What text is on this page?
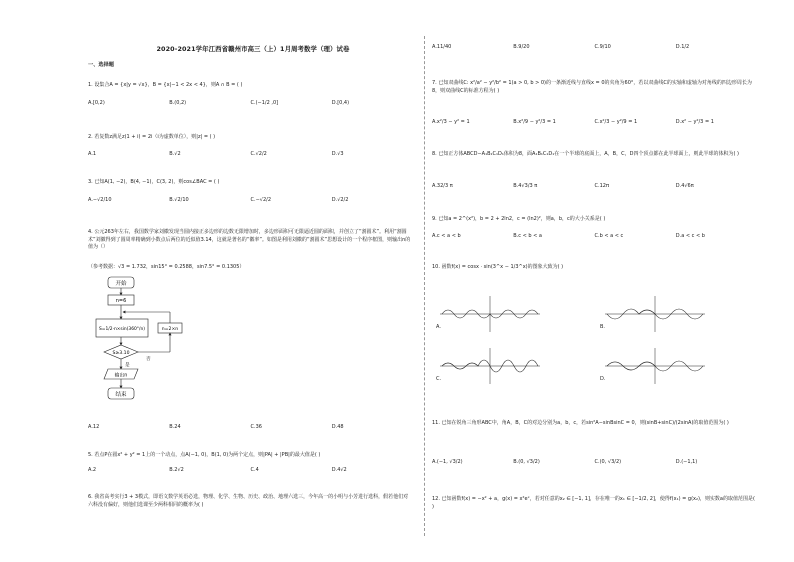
2020-2021学年江西省赣州市高三（上）1月周考数学（理）试卷
一、选择题
1. 设集合A = {x|y = √x}，B = {x|−1 < 2x < 4}，则A ∩ B = ( )
A.[0,2)	B.(0,2)	C.(−1/2 ,0]	D.[0,4)
2. 若复数z满足z(1 + i) = 2i（i为虚数单位），则|z| = ( )
A.1	B.√2	C.√2/2	D.√3
3. 已知A(1, −2)，B(4, −1)，C(3, 2)，则cos∠BAC = ( )
A.−√2/10	B.√2/10	C.−√2/2	D.√2/2
4. 公元263年左右，我国数学家刘徽发现当圆内接正多边形的边数无限增加时，多边形面积可无限逼近圆的面积，并创立了“割圆术”。利用“割圆术”刘徽得到了圆周率精确到小数点后两位的近似值3.14，这就是著名的“徽率”。如图是利用刘徽的“割圆术”思想设计的一个程序框图，则输出n的值为（）
（参考数据：√3 = 1.732，sin15° = 0.2588，sin7.5° = 0.1305）
开始
n=6
S=1/2·n×sin(360°/n)	n=2×n
S≥3.10
否
是
输出n
结束
A.12	B.24	C.36	D.48
5. 若点P在圆x² + y² = 1上的一个动点，点A(−1, 0)，B(1, 0)为两个定点，则|PA| + |PB|的最大值是( )
A.2	B.2√2	C.4	D.4√2
6. 我省高考实行3 + 3模式，即语文数学英语必选，物理、化学、生物、历史、政治、地理六选三，今年高一的小明与小芳进行选科，假若他们对六科没有偏好，则他们选课至少两科相同的概率为( )
A.11/40	B.9/20	C.9/10	D.1/2
7. 已知双曲线C: x²/a² − y²/b² = 1(a > 0, b > 0)的一条渐近线与直线x = 0的夹角为60°，若以双曲线C的实轴和虚轴为对角线的四边形周长为8，则双曲线C的标准方程为( )
A.x²/3 − y² = 1	B.x²/9 − y²/3 = 1	C.x²/3 − y²/9 = 1	D.x² − y²/3 = 1
8. 已知正方体ABCD−A₁B₁C₁D₁体积为8，面A₁B₁C₁D₁在一个半球的底面上，A，B，C，D四个顶点都在此半球面上，则此半球的体积为( )
A.32/3 π	B.4√3/3 π	C.12π	D.4√6π
9. 已知a = 2^(x²)，b = 2 + 2ln2，c = (ln2)²，则a，b，c的大小关系是( )
A.c < a < b	B.c < b < a	C.b < a < c	D.a < c < b
10. 函数f(x) = cosx · sin(3^x − 1/3^x)的图象大致为( )
A.	B.
C.	D.
11. 已知在锐角三角形ABC中，角A，B，C的对边分别为a，b，c，若sin²A−sinBsinC = 0，则(sinB+sinC)/(2sinA)的取值范围为( )
A.(−1, √3/2)	B.(0, √3/2)	C.(0, √3/2)	D.(−1,1)
12. 已知函数f(x) = −x² + a，g(x) = x²eˣ，若对任意的x₂ ∈ [−1, 1]，存在唯一的x₁ ∈ [−1/2, 2]，使得f(x₁) = g(x₂)，则实数a的取值范围是( )
